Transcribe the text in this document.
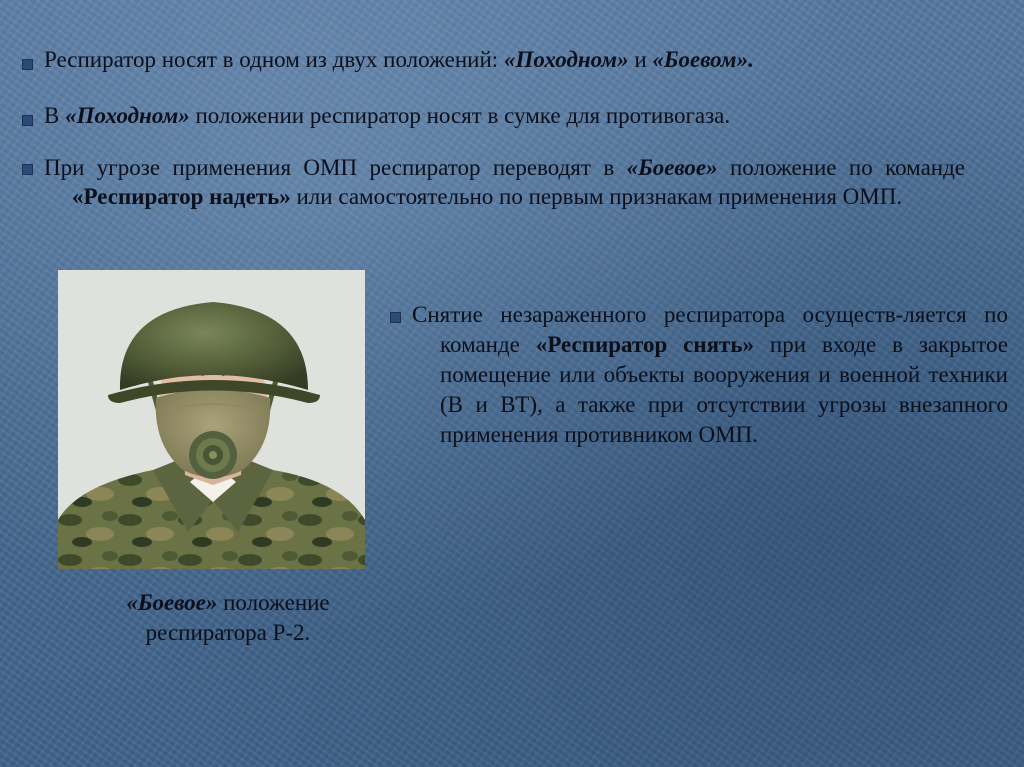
Респиратор носят в одном из двух положений: «Походном» и «Боевом».
В «Походном» положении респиратор носят в сумке для противогаза.
При угрозе применения ОМП респиратор переводят в «Боевое» положение по команде «Респиратор надеть» или самостоятельно по первым признакам применения ОМП.
«Боевое» положение
респиратора Р-2.
Снятие незараженного респиратора осуществ-ляется по команде «Респиратор снять» при входе в закрытое помещение или объекты вооружения и военной техники (В и ВТ), а также при отсутствии угрозы внезапного применения противником ОМП.
